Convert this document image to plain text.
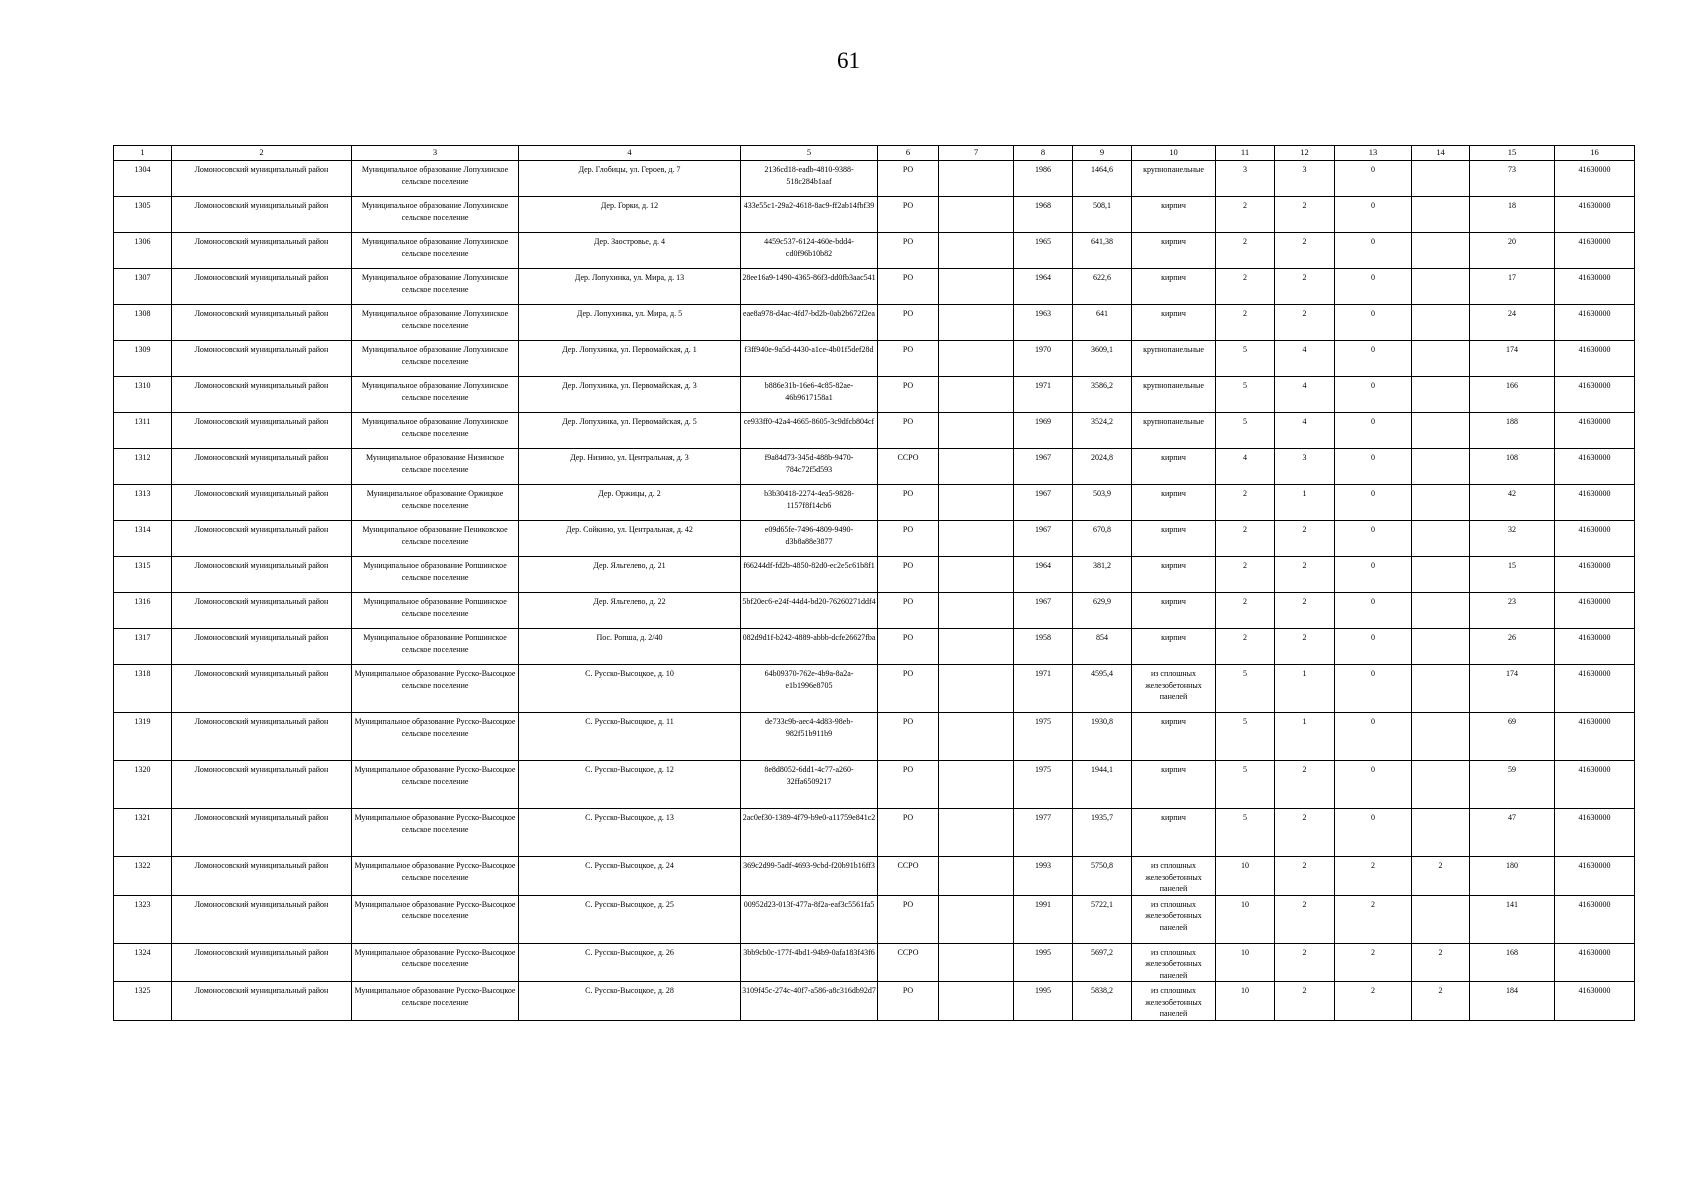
61
1	2	3	4	5	6	7	8	9	10	11	12	13	14	15	16
1304	Ломоносовский муниципальный район	Муниципальное образование Лопухинское сельское поселение	Дер. Глобицы, ул. Героев, д. 7	2136cd18-eadb-4810-9388-518c284b1aaf	РО		1986	1464,6	крупнопанельные	3	3	0		73	41630000
1305	Ломоносовский муниципальный район	Муниципальное образование Лопухинское сельское поселение	Дер. Горки, д. 12	433e55c1-29a2-4618-8ac9-ff2ab14fbf39	РО		1968	508,1	кирпич	2	2	0		18	41630000
1306	Ломоносовский муниципальный район	Муниципальное образование Лопухинское сельское поселение	Дер. Заостровье, д. 4	4459c537-6124-460e-bdd4-cd0f96b10b82	РО		1965	641,38	кирпич	2	2	0		20	41630000
1307	Ломоносовский муниципальный район	Муниципальное образование Лопухинское сельское поселение	Дер. Лопухинка, ул. Мира, д. 13	28ee16a9-1490-4365-86f3-dd0fb3aac541	РО		1964	622,6	кирпич	2	2	0		17	41630000
1308	Ломоносовский муниципальный район	Муниципальное образование Лопухинское сельское поселение	Дер. Лопухинка, ул. Мира, д. 5	eae8a978-d4ac-4fd7-bd2b-0ab2b672f2ea	РО		1963	641	кирпич	2	2	0		24	41630000
1309	Ломоносовский муниципальный район	Муниципальное образование Лопухинское сельское поселение	Дер. Лопухинка, ул. Первомайская, д. 1	f3ff940e-9a5d-4430-a1ce-4b01f5def28d	РО		1970	3609,1	крупнопанельные	5	4	0		174	41630000
1310	Ломоносовский муниципальный район	Муниципальное образование Лопухинское сельское поселение	Дер. Лопухинка, ул. Первомайская, д. 3	b886e31b-16e6-4c85-82ae-46b9617158a1	РО		1971	3586,2	крупнопанельные	5	4	0		166	41630000
1311	Ломоносовский муниципальный район	Муниципальное образование Лопухинское сельское поселение	Дер. Лопухинка, ул. Первомайская, д. 5	ce933ff0-42a4-4665-8605-3c9dfcb804cf	РО		1969	3524,2	крупнопанельные	5	4	0		188	41630000
1312	Ломоносовский муниципальный район	Муниципальное образование Низинское сельское поселение	Дер. Низино, ул. Центральная, д. 3	f9a84d73-345d-488b-9470-784c72f5d593	ССРО		1967	2024,8	кирпич	4	3	0		108	41630000
1313	Ломоносовский муниципальный район	Муниципальное образование Оржицкое сельское поселение	Дер. Оржицы, д. 2	b3b30418-2274-4ea5-9828-1157f8f14cb6	РО		1967	503,9	кирпич	2	1	0		42	41630000
1314	Ломоносовский муниципальный район	Муниципальное образование Пениковское сельское поселение	Дер. Сойкино, ул. Центральная, д. 42	e09d65fe-7496-4809-9490-d3b8a88e3877	РО		1967	670,8	кирпич	2	2	0		32	41630000
1315	Ломоносовский муниципальный район	Муниципальное образование Ропшинское сельское поселение	Дер. Яльгелево, д. 21	f66244df-fd2b-4850-82d0-ec2e5c61b8f1	РО		1964	381,2	кирпич	2	2	0		15	41630000
1316	Ломоносовский муниципальный район	Муниципальное образование Ропшинское сельское поселение	Дер. Яльгелево, д. 22	5bf20ec6-e24f-44d4-bd20-76260271ddf4	РО		1967	629,9	кирпич	2	2	0		23	41630000
1317	Ломоносовский муниципальный район	Муниципальное образование Ропшинское сельское поселение	Пос. Ропша, д. 2/40	082d9d1f-b242-4889-abbb-dcfe26627fba	РО		1958	854	кирпич	2	2	0		26	41630000
1318	Ломоносовский муниципальный район	Муниципальное образование Русско-Высоцкое сельское поселение	С. Русско-Высоцкое, д. 10	64b09370-762e-4b9a-8a2a-e1b1996e8705	РО		1971	4595,4	из сплошных железобетонных панелей	5	1	0		174	41630000
1319	Ломоносовский муниципальный район	Муниципальное образование Русско-Высоцкое сельское поселение	С. Русско-Высоцкое, д. 11	de733c9b-aec4-4d83-98eb-982f51b911b9	РО		1975	1930,8	кирпич	5	1	0		69	41630000
1320	Ломоносовский муниципальный район	Муниципальное образование Русско-Высоцкое сельское поселение	С. Русско-Высоцкое, д. 12	8e8d8052-6dd1-4c77-a260-32ffa6509217	РО		1975	1944,1	кирпич	5	2	0		59	41630000
1321	Ломоносовский муниципальный район	Муниципальное образование Русско-Высоцкое сельское поселение	С. Русско-Высоцкое, д. 13	2ac0ef30-1389-4f79-b9e0-a11759e841c2	РО		1977	1935,7	кирпич	5	2	0		47	41630000
1322	Ломоносовский муниципальный район	Муниципальное образование Русско-Высоцкое сельское поселение	С. Русско-Высоцкое, д. 24	369c2d99-5adf-4693-9cbd-f20b91b16ff3	ССРО		1993	5750,8	из сплошных железобетонных панелей	10	2	2	2	180	41630000
1323	Ломоносовский муниципальный район	Муниципальное образование Русско-Высоцкое сельское поселение	С. Русско-Высоцкое, д. 25	00952d23-013f-477a-8f2a-eaf3c5561fa5	РО		1991	5722,1	из сплошных железобетонных панелей	10	2	2		141	41630000
1324	Ломоносовский муниципальный район	Муниципальное образование Русско-Высоцкое сельское поселение	С. Русско-Высоцкое, д. 26	3bb9cb0c-177f-4bd1-94b9-0afa183f43f6	ССРО		1995	5697,2	из сплошных железобетонных панелей	10	2	2	2	168	41630000
1325	Ломоносовский муниципальный район	Муниципальное образование Русско-Высоцкое сельское поселение	С. Русско-Высоцкое, д. 28	3109f45c-274c-40f7-a586-a8c316db92d7	РО		1995	5838,2	из сплошных железобетонных панелей	10	2	2	2	184	41630000
